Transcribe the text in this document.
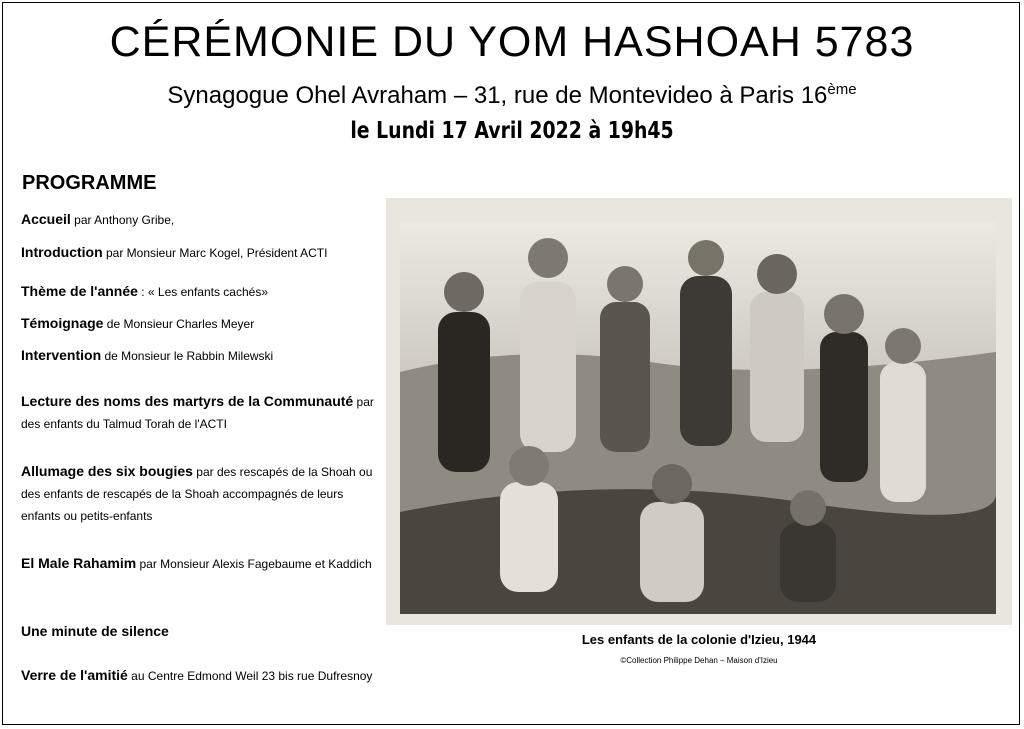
CÉRÉMONIE DU YOM HASHOAH 5783
Synagogue Ohel Avraham – 31, rue de Montevideo à Paris 16ème
le Lundi 17 Avril 2022 à 19h45
PROGRAMME
Accueil par Anthony Gribe,
Introduction par Monsieur Marc Kogel, Président ACTI
Thème de l'année : « Les enfants cachés»
Témoignage de Monsieur Charles Meyer
Intervention de Monsieur le Rabbin Milewski
Lecture des noms des martyrs de la Communauté par des enfants du Talmud Torah de l'ACTI
Allumage des six bougies par des rescapés de la Shoah ou des enfants de rescapés de la Shoah accompagnés de leurs enfants ou petits-enfants
El Male Rahamim par Monsieur Alexis Fagebaume et Kaddich
Une minute de silence
Verre de l'amitié au Centre Edmond Weil 23 bis rue Dufresnoy
Les enfants de la colonie d'Izieu, 1944
©Collection Philippe Dehan – Maison d'Izieu
